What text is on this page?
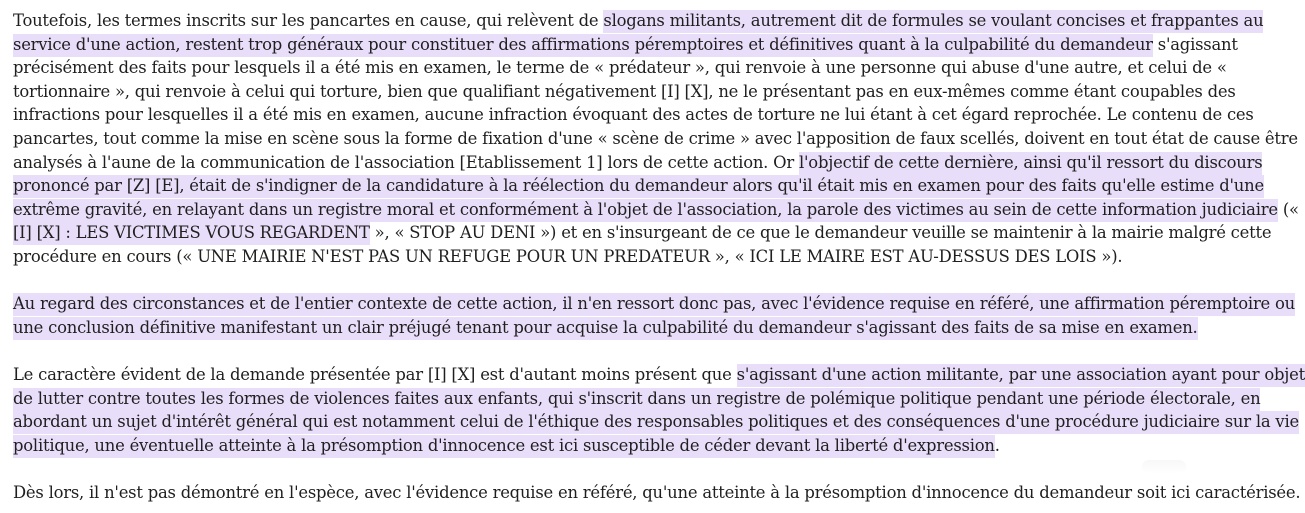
Toutefois, les termes inscrits sur les pancartes en cause, qui relèvent de slogans militants, autrement dit de formules se voulant concises et frappantes au
service d'une action, restent trop généraux pour constituer des affirmations péremptoires et définitives quant à la culpabilité du demandeur s'agissant
précisément des faits pour lesquels il a été mis en examen, le terme de « prédateur », qui renvoie à une personne qui abuse d'une autre, et celui de «
tortionnaire », qui renvoie à celui qui torture, bien que qualifiant négativement [I] [X], ne le présentant pas en eux-mêmes comme étant coupables des
infractions pour lesquelles il a été mis en examen, aucune infraction évoquant des actes de torture ne lui étant à cet égard reprochée. Le contenu de ces
pancartes, tout comme la mise en scène sous la forme de fixation d'une « scène de crime » avec l'apposition de faux scellés, doivent en tout état de cause être
analysés à l'aune de la communication de l'association [Etablissement 1] lors de cette action. Or l'objectif de cette dernière, ainsi qu'il ressort du discours
prononcé par [Z] [E], était de s'indigner de la candidature à la réélection du demandeur alors qu'il était mis en examen pour des faits qu'elle estime d'une
extrême gravité, en relayant dans un registre moral et conformément à l'objet de l'association, la parole des victimes au sein de cette information judiciaire («
[I] [X] : LES VICTIMES VOUS REGARDENT », « STOP AU DENI ») et en s'insurgeant de ce que le demandeur veuille se maintenir à la mairie malgré cette
procédure en cours (« UNE MAIRIE N'EST PAS UN REFUGE POUR UN PREDATEUR », « ICI LE MAIRE EST AU-DESSUS DES LOIS »).
Au regard des circonstances et de l'entier contexte de cette action, il n'en ressort donc pas, avec l'évidence requise en référé, une affirmation péremptoire ou
une conclusion définitive manifestant un clair préjugé tenant pour acquise la culpabilité du demandeur s'agissant des faits de sa mise en examen.
Le caractère évident de la demande présentée par [I] [X] est d'autant moins présent que s'agissant d'une action militante, par une association ayant pour objet
de lutter contre toutes les formes de violences faites aux enfants, qui s'inscrit dans un registre de polémique politique pendant une période électorale, en
abordant un sujet d'intérêt général qui est notamment celui de l'éthique des responsables politiques et des conséquences d'une procédure judiciaire sur la vie
politique, une éventuelle atteinte à la présomption d'innocence est ici susceptible de céder devant la liberté d'expression.
Dès lors, il n'est pas démontré en l'espèce, avec l'évidence requise en référé, qu'une atteinte à la présomption d'innocence du demandeur soit ici caractérisée.
